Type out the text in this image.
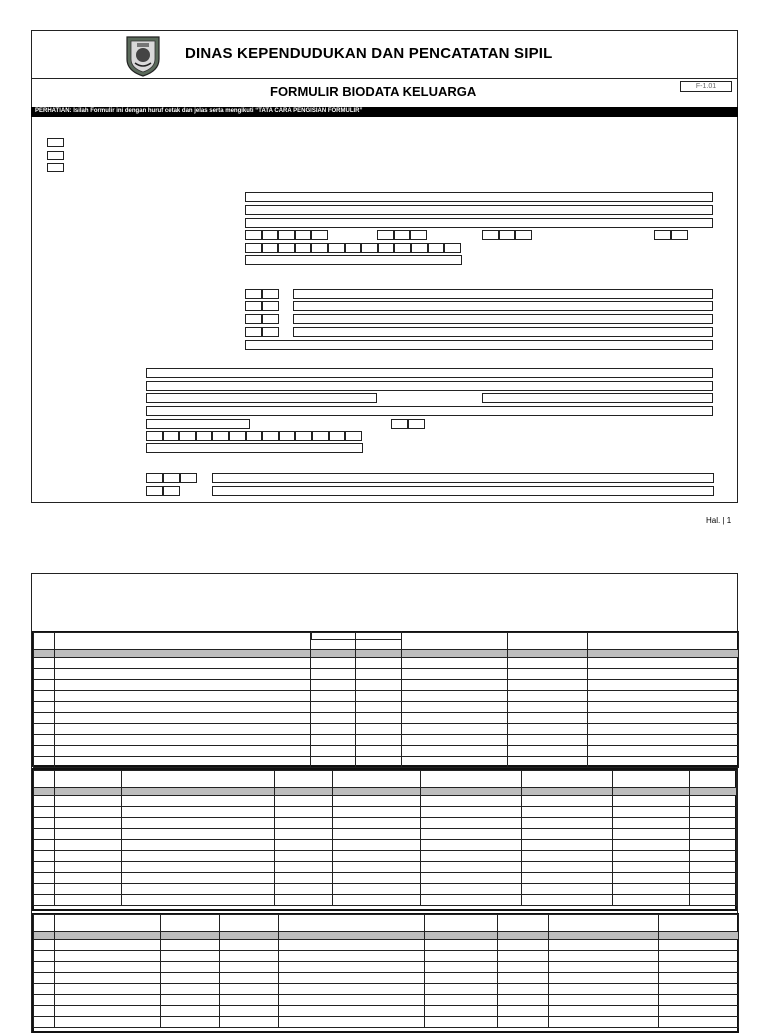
DINAS KEPENDUDUKAN DAN PENCATATAN SIPIL
FORMULIR BIODATA KELUARGA	F-1.01
PERHATIAN: Isilah Formulir ini dengan huruf cetak dan jelas serta mengikuti “TATA CARA PENGISIAN FORMULIR”
Hal. | 1
